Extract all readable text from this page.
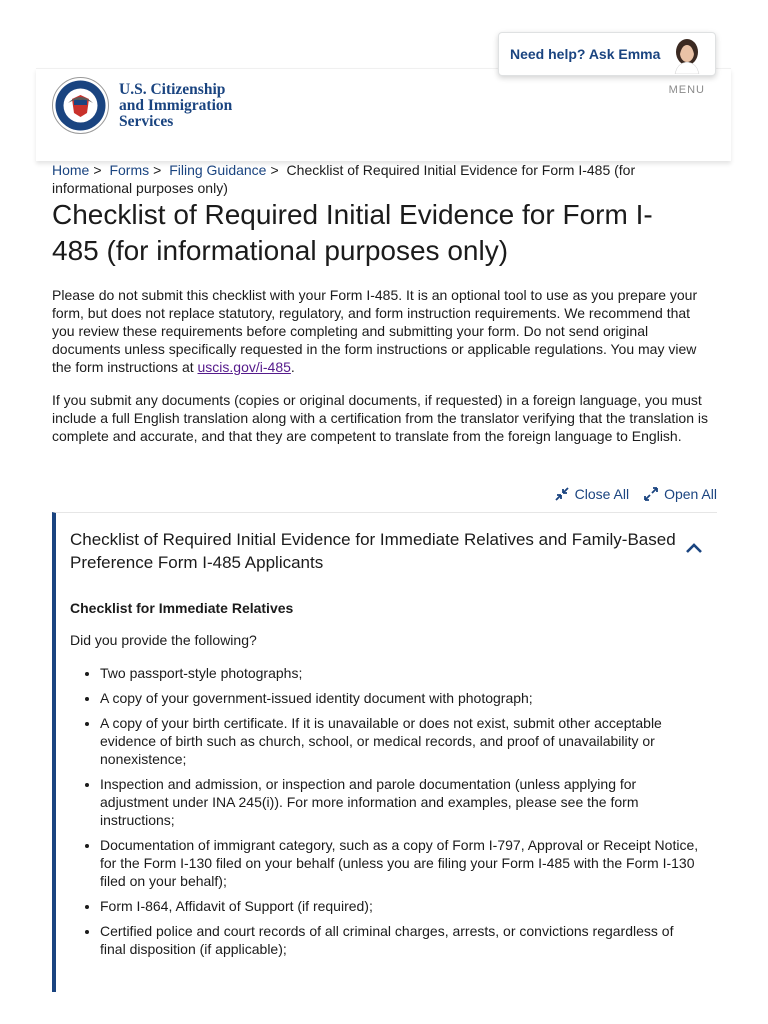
Need help? Ask Emma
U.S. Citizenship
and Immigration
Services
MENU
Home > Forms > Filing Guidance > Checklist of Required Initial Evidence for Form I-485 (for informational purposes only)
Checklist of Required Initial Evidence for Form I-485 (for informational purposes only)

Please do not submit this checklist with your Form I-485. It is an optional tool to use as you prepare your form, but does not replace statutory, regulatory, and form instruction requirements. We recommend that you review these requirements before completing and submitting your form. Do not send original documents unless specifically requested in the form instructions or applicable regulations. You may view the form instructions at uscis.gov/i-485.

If you submit any documents (copies or original documents, if requested) in a foreign language, you must include a full English translation along with a certification from the translator verifying that the translation is complete and accurate, and that they are competent to translate from the foreign language to English.

Close All	Open All
Checklist of Required Initial Evidence for Immediate Relatives and Family-Based Preference Form I-485 Applicants

Checklist for Immediate Relatives

Did you provide the following?

• Two passport-style photographs;
• A copy of your government-issued identity document with photograph;
• A copy of your birth certificate. If it is unavailable or does not exist, submit other acceptable evidence of birth such as church, school, or medical records, and proof of unavailability or nonexistence;
• Inspection and admission, or inspection and parole documentation (unless applying for adjustment under INA 245(i)). For more information and examples, please see the form instructions;
• Documentation of immigrant category, such as a copy of Form I-797, Approval or Receipt Notice, for the Form I-130 filed on your behalf (unless you are filing your Form I-485 with the Form I-130 filed on your behalf);
• Form I-864, Affidavit of Support (if required);
• Certified police and court records of all criminal charges, arrests, or convictions regardless of final disposition (if applicable);
